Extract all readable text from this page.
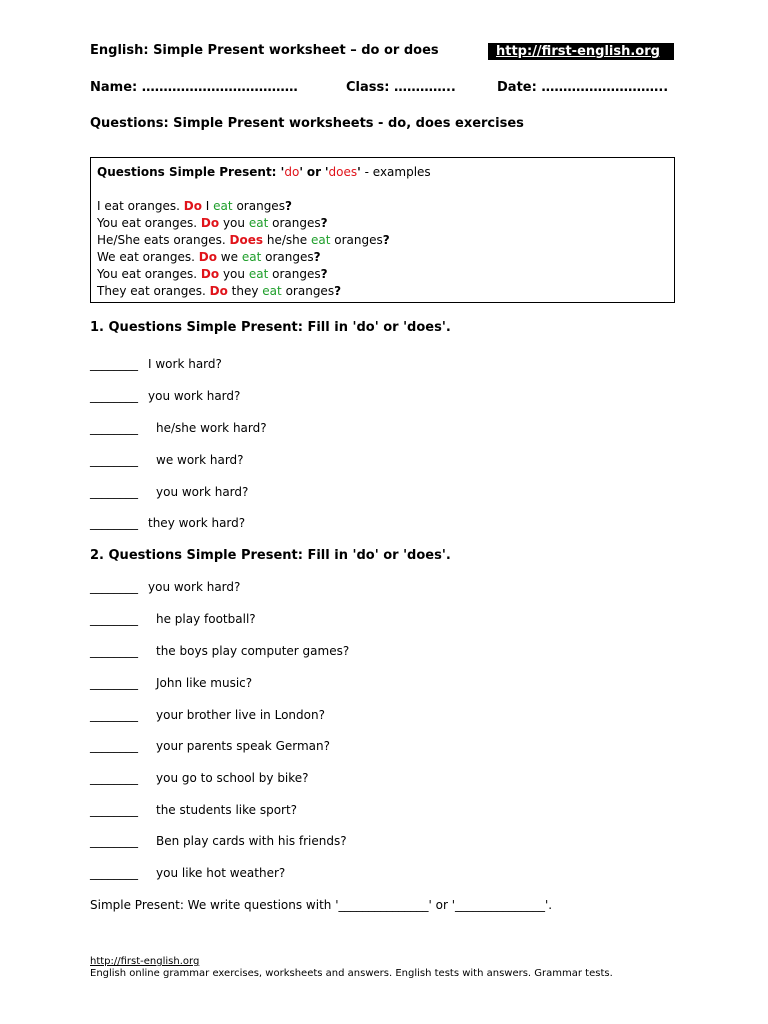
English: Simple Present worksheet – do or does	http://first-english.org
Name: ………………………………	Class: …………..	Date: ………………………..
Questions: Simple Present worksheets - do, does exercises
Questions Simple Present: 'do' or 'does' - examples
I eat oranges. Do I eat oranges?
You eat oranges. Do you eat oranges?
He/She eats oranges. Does he/she eat oranges?
We eat oranges. Do we eat oranges?
You eat oranges. Do you eat oranges?
They eat oranges. Do they eat oranges?
1. Questions Simple Present: Fill in 'do' or 'does'.
________ I work hard?
________ you work hard?
________ he/she work hard?
________ we work hard?
________ you work hard?
________ they work hard?
2. Questions Simple Present: Fill in 'do' or 'does'.
________ you work hard?
________ he play football?
________ the boys play computer games?
________ John like music?
________ your brother live in London?
________ your parents speak German?
________ you go to school by bike?
________ the students like sport?
________ Ben play cards with his friends?
________ you like hot weather?
Simple Present: We write questions with '_______________' or '_______________'.
http://first-english.org
English online grammar exercises, worksheets and answers. English tests with answers. Grammar tests.
